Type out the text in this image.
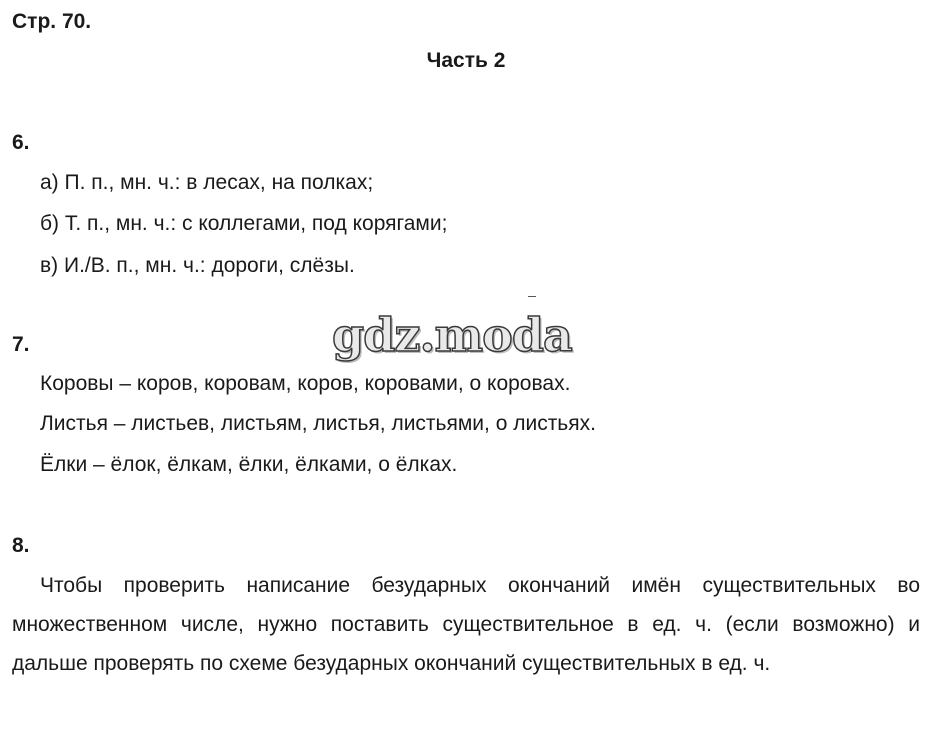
Стр. 70.
Часть 2
6.
а) П. п., мн. ч.: в лесах, на полках;
б) Т. п., мн. ч.: с коллегами, под корягами;
в) И./В. п., мн. ч.: дороги, слёзы.
gdz.moda
7.
Коровы – коров, коровам, коров, коровами, о коровах.
Листья – листьев, листьям, листья, листьями, о листьях.
Ёлки – ёлок, ёлкам, ёлки, ёлками, о ёлках.
8.
Чтобы проверить написание безударных окончаний имён существительных во множественном числе, нужно поставить существительное в ед. ч. (если возможно) и дальше проверять по схеме безударных окончаний существительных в ед. ч.
